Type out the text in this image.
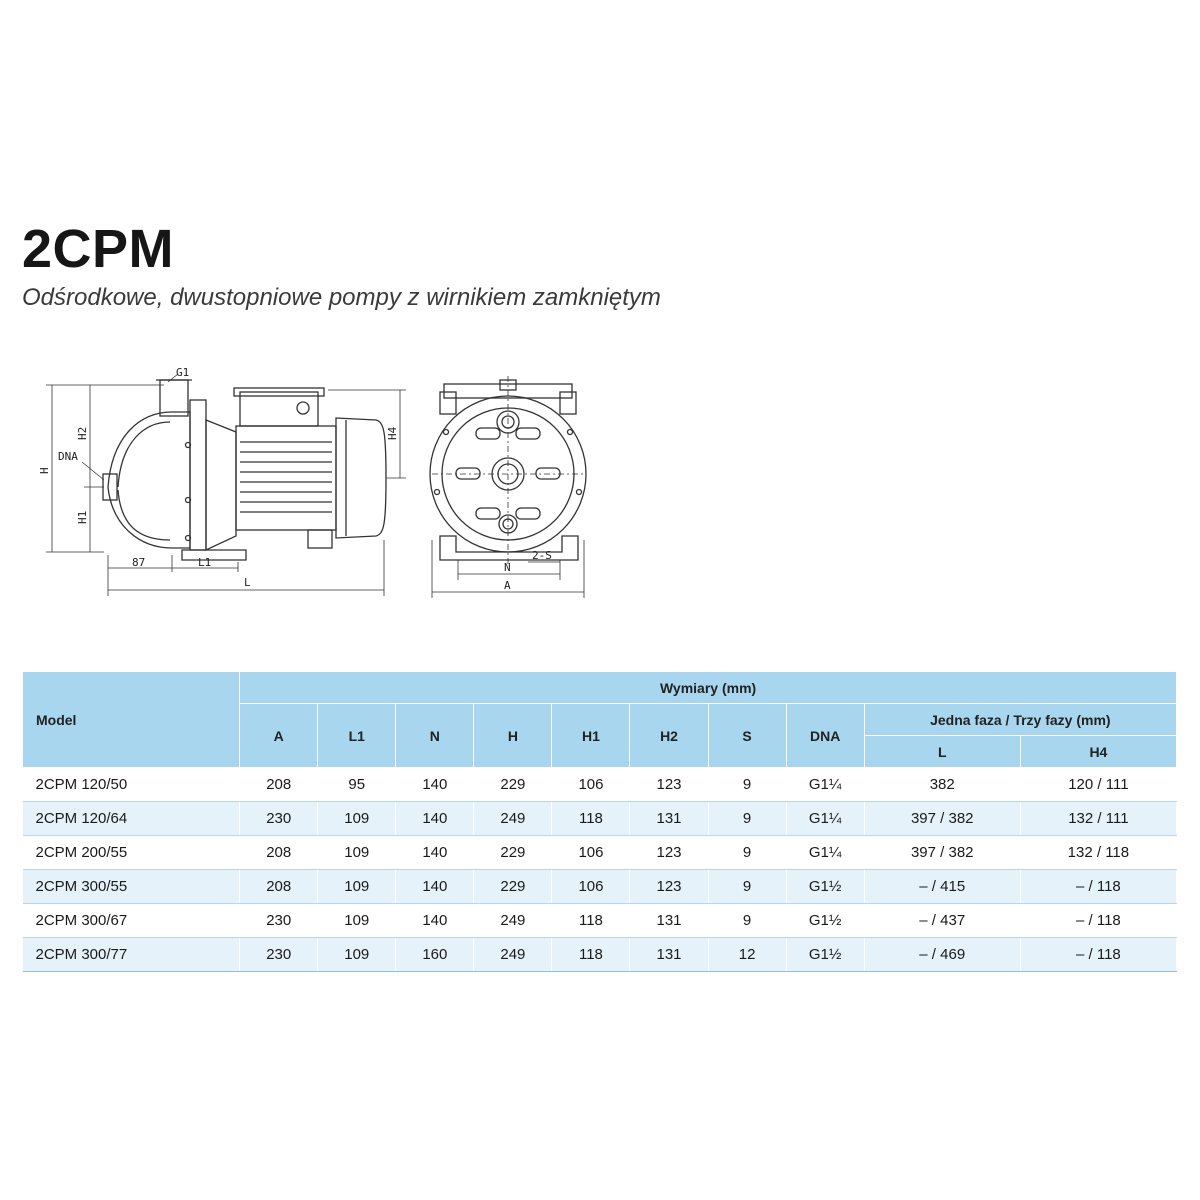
2CPM
Odśrodkowe, dwustopniowe pompy z wirnikiem zamkniętym
G1
H2
H
DNA
H1
H4
87	L1
L
2-S
N
A
Model	Wymiary (mm)									
	A	L1	N	H	H1	H2	S	DNA	Jedna faza / Trzy fazy (mm)	
									L	H4
2CPM 120/50	208	95	140	229	106	123	9	G1¼	382	120 / 111
2CPM 120/64	230	109	140	249	118	131	9	G1¼	397 / 382	132 / 111
2CPM 200/55	208	109	140	229	106	123	9	G1¼	397 / 382	132 / 118
2CPM 300/55	208	109	140	229	106	123	9	G1½	– / 415	– / 118
2CPM 300/67	230	109	140	249	118	131	9	G1½	– / 437	– / 118
2CPM 300/77	230	109	160	249	118	131	12	G1½	– / 469	– / 118
